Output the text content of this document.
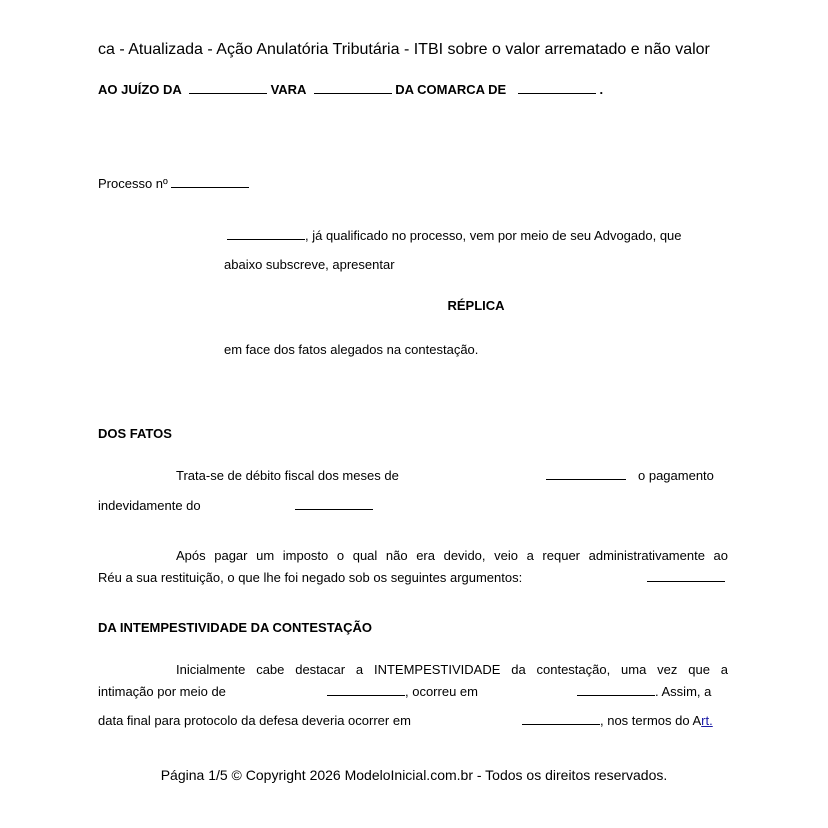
ca - Atualizada - Ação Anulatória Tributária - ITBI sobre o valor arrematado e não valor
AO JUÍZO DA	VARA	DA COMARCA DE	.
Processo nº
, já qualificado no processo, vem por meio de seu Advogado, que
abaixo subscreve, apresentar
RÉPLICA
em face dos fatos alegados na contestação.
DOS FATOS
Trata-se de débito fiscal dos meses de	o pagamento
indevidamente do
Após pagar um imposto o qual não era devido, veio a requer administrativamente ao
Réu a sua restituição, o que lhe foi negado sob os seguintes argumentos:
DA INTEMPESTIVIDADE DA CONTESTAÇÃO
Inicialmente cabe destacar a INTEMPESTIVIDADE da contestação, uma vez que a
intimação por meio de	, ocorreu em	. Assim, a
data final para protocolo da defesa deveria ocorrer em	, nos termos do Art.
Página 1/5 © Copyright 2026 ModeloInicial.com.br - Todos os direitos reservados.
